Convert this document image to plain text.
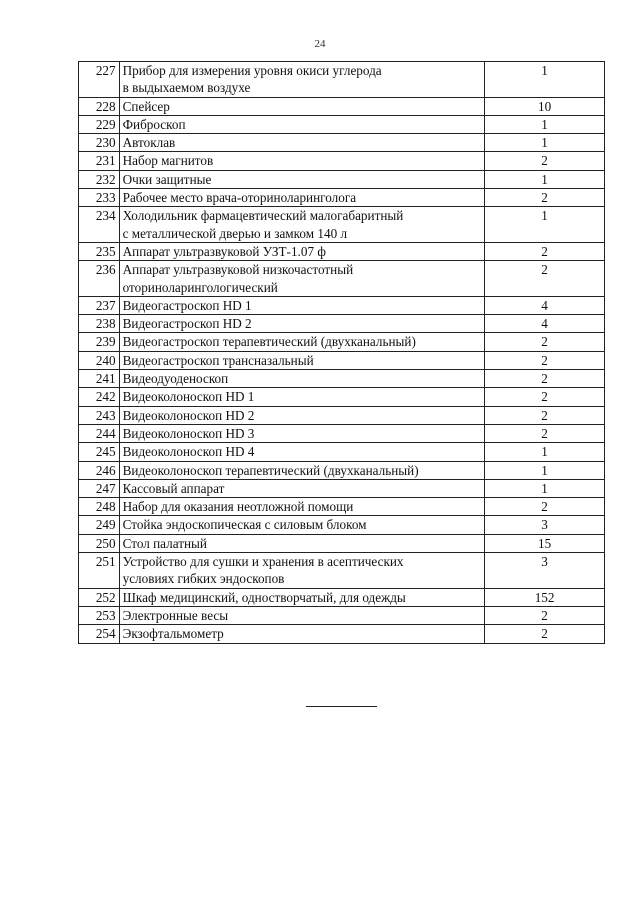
24
227	Прибор для измерения уровня окиси углерода
в выдыхаемом воздухе	1
228	Спейсер	10
229	Фиброскоп	1
230	Автоклав	1
231	Набор магнитов	2
232	Очки защитные	1
233	Рабочее место врача-оториноларинголога	2
234	Холодильник фармацевтический малогабаритный
с металлической дверью и замком 140 л	1
235	Аппарат ультразвуковой УЗТ-1.07 ф	2
236	Аппарат ультразвуковой низкочастотный
оториноларингологический	2
237	Видеогастроскоп HD 1	4
238	Видеогастроскоп HD 2	4
239	Видеогастроскоп терапевтический (двухканальный)	2
240	Видеогастроскоп трансназальный	2
241	Видеодуоденоскоп	2
242	Видеоколоноскоп HD 1	2
243	Видеоколоноскоп HD 2	2
244	Видеоколоноскоп HD 3	2
245	Видеоколоноскоп HD 4	1
246	Видеоколоноскоп терапевтический (двухканальный)	1
247	Кассовый аппарат	1
248	Набор для оказания неотложной помощи	2
249	Стойка эндоскопическая с силовым блоком	3
250	Стол палатный	15
251	Устройство для сушки и хранения в асептических
условиях гибких эндоскопов	3
252	Шкаф медицинский, одностворчатый, для одежды	152
253	Электронные весы	2
254	Экзофтальмометр	2
